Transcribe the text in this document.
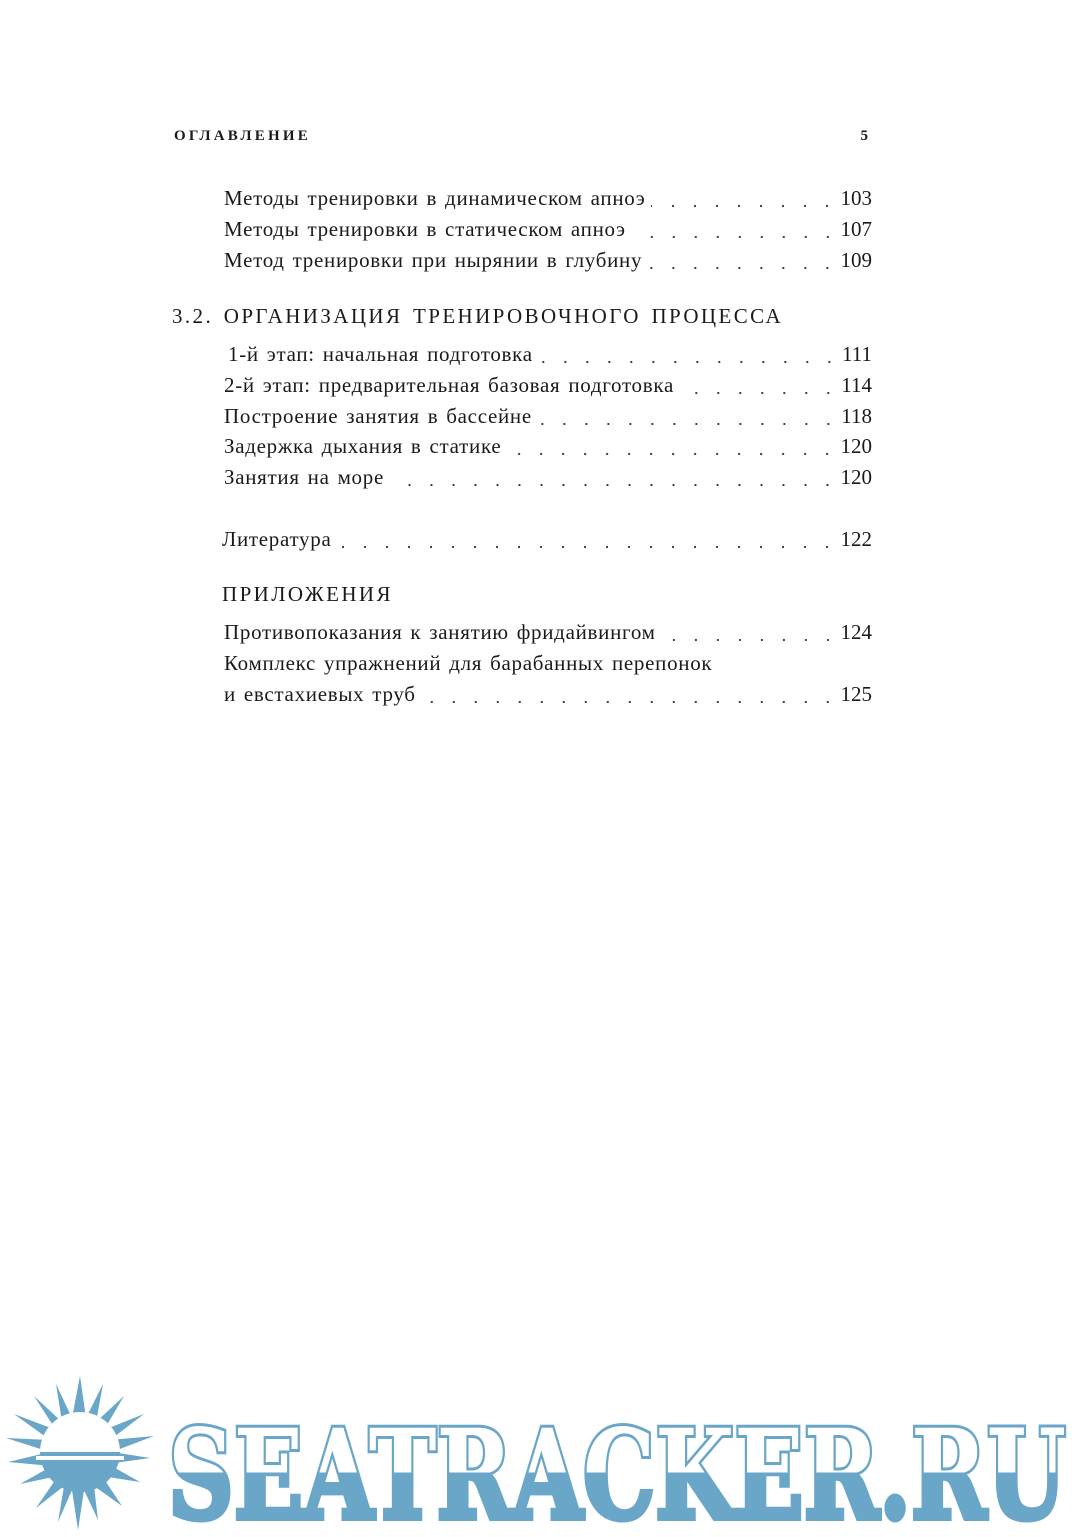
ОГЛАВЛЕНИЕ	5
Методы тренировки в динамическом апноэ	103
Методы тренировки в статическом апноэ	107
Метод тренировки при нырянии в глубину	109
3.2. ОРГАНИЗАЦИЯ ТРЕНИРОВОЧНОГО ПРОЦЕССА
1-й этап: начальная подготовка	111
2-й этап: предварительная базовая подготовка	114
Построение занятия в бассейне	118
Задержка дыхания в статике	120
Занятия на море	120
Литература	122
ПРИЛОЖЕНИЯ
Противопоказания к занятию фридайвингом	124
Комплекс упражнений для барабанных перепонок
и евстахиевых труб	125
SEATRACKER.RU
